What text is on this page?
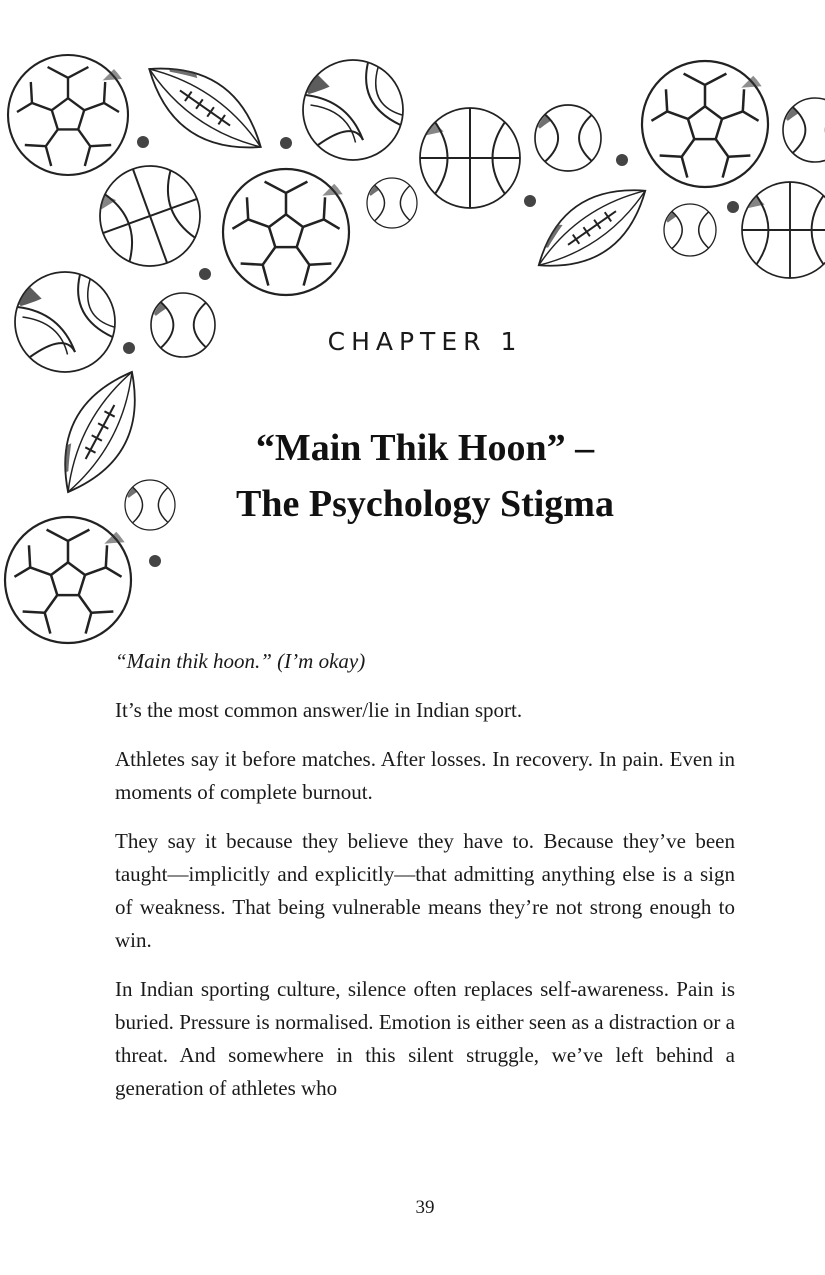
CHAPTER 1
“Main Thik Hoon” –
The Psychology Stigma

“Main thik hoon.” (I’m okay)

It’s the most common answer/lie in Indian sport.

Athletes say it before matches. After losses. In recovery. In pain. Even in moments of complete burnout.

They say it because they believe they have to. Because they’ve been taught—implicitly and explicitly—that admitting anything else is a sign of weakness. That being vulnerable means they’re not strong enough to win.

In Indian sporting culture, silence often replaces self-awareness. Pain is buried. Pressure is normalised. Emotion is either seen as a distraction or a threat. And somewhere in this silent struggle, we’ve left behind a generation of athletes who

39
